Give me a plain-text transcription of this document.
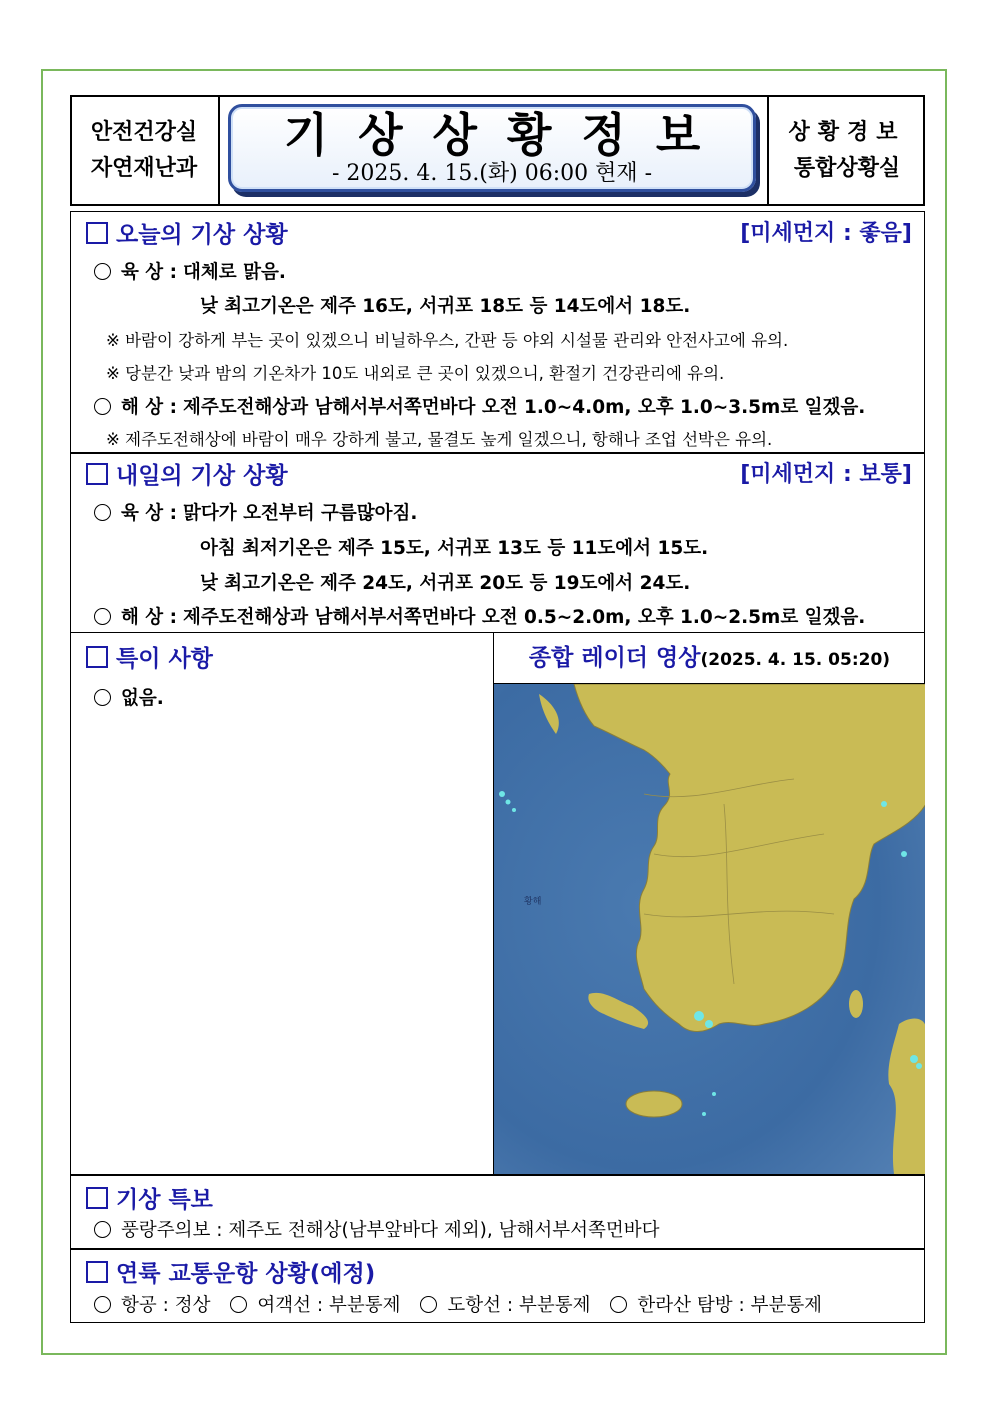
안전건강실
자연재난과
기상상황정보
- 2025. 4. 15.(화) 06:00 현재 -
상황경보
통합상황실
오늘의 기상 상황	[미세먼지 : 좋음]
육 상 : 대체로 맑음.
낮 최고기온은 제주 16도, 서귀포 18도 등 14도에서 18도.
※ 바람이 강하게 부는 곳이 있겠으니 비닐하우스, 간판 등 야외 시설물 관리와 안전사고에 유의.
※ 당분간 낮과 밤의 기온차가 10도 내외로 큰 곳이 있겠으니, 환절기 건강관리에 유의.
해 상 : 제주도전해상과 남해서부서쪽먼바다 오전 1.0~4.0m, 오후 1.0~3.5m로 일겠음.
※ 제주도전해상에 바람이 매우 강하게 불고, 물결도 높게 일겠으니, 항해나 조업 선박은 유의.
내일의 기상 상황	[미세먼지 : 보통]
육 상 : 맑다가 오전부터 구름많아짐.
아침 최저기온은 제주 15도, 서귀포 13도 등 11도에서 15도.
낮 최고기온은 제주 24도, 서귀포 20도 등 19도에서 24도.
해 상 : 제주도전해상과 남해서부서쪽먼바다 오전 0.5~2.0m, 오후 1.0~2.5m로 일겠음.
특이 사항
없음.
종합 레이더 영상(2025. 4. 15. 05:20)
황해
기상 특보
풍랑주의보 : 제주도 전해상(남부앞바다 제외), 남해서부서쪽먼바다
연륙 교통운항 상황(예정)
항공 : 정상	여객선 : 부분통제	도항선 : 부분통제	한라산 탐방 : 부분통제
